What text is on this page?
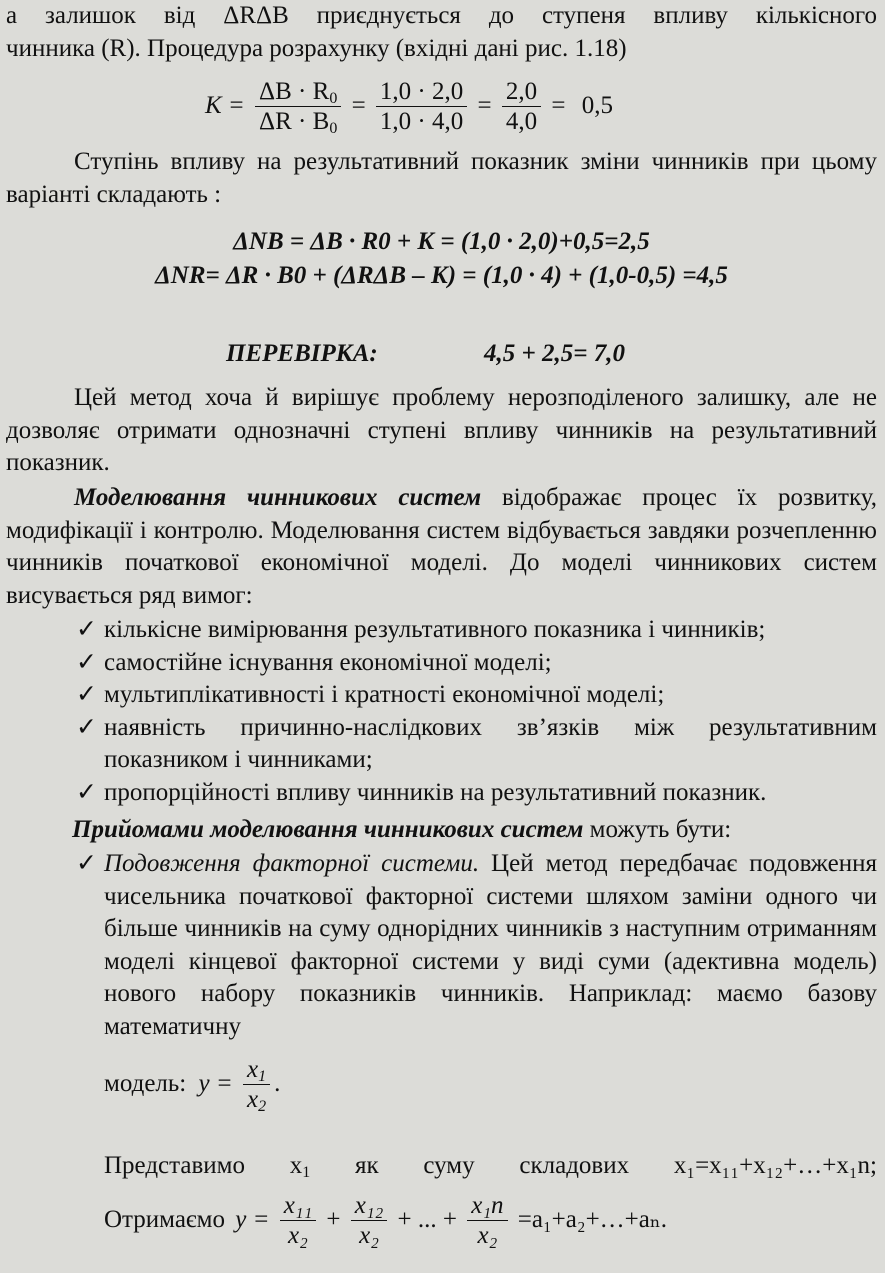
а залишок від ΔRΔB приєднується до ступеня впливу кількісного

чинника (R). Процедура розрахунку (вхідні дані рис. 1.18)

$K = \frac{\Delta B \cdot R_0}{\Delta R \cdot B_0} = \frac{1,0 \cdot 2,0}{1,0 \cdot 4,0} = \frac{2,0}{4,0} = 0,5$

Ступінь впливу на результативний показник зміни чинників при цьому варіанті складають :

ΔNB = ΔB · R0 + K = (1,0 · 2,0)+0,5=2,5
ΔNR= ΔR · B0 + (ΔRΔB – K) = (1,0 · 4) + (1,0-0,5) =4,5
ПЕРЕВІРКА:	4,5 + 2,5= 7,0

Цей метод хоча й вирішує проблему нерозподіленого залишку, але не дозволяє отримати однозначні ступені впливу чинників на результативний показник.

Моделювання чинникових систем відображає процес їх розвитку, модифікації і контролю. Моделювання систем відбувається завдяки розчепленню чинників початкової економічної моделі. До моделі чинникових систем висувається ряд вимог:

✓ кількісне вимірювання результативного показника і чинників;
✓ самостійне існування економічної моделі;
✓ мультиплікативності і кратності економічної моделі;
✓ наявність причинно-наслідкових зв’язків між результативним показником і чинниками;
✓ пропорційності впливу чинників на результативний показник.
Прийомами моделювання чинникових систем можуть бути:
✓ Подовження факторної системи. Цей метод передбачає подовження чисельника початкової факторної системи шляхом заміни одного чи більше чинників на суму однорідних чинників з наступним отриманням моделі кінцевої факторної системи у виді суми (адективна модель) нового набору показників чинників. Наприклад: маємо базову математичну
модель: $y = \frac{x_1}{x_2}$ .
Представимо $x_1$ як суму складових x₁=x₁₁+x₁₂+…+x₁n;
Отримаємо $y = \frac{\text{x₁₁}}{\text{x₂}} + \frac{\text{x₁₂}}{\text{x₂}}$ + ... + $\frac{\text{x₁n}}{\text{x₂}}$ =a₁+a₂+…+aₙ.
